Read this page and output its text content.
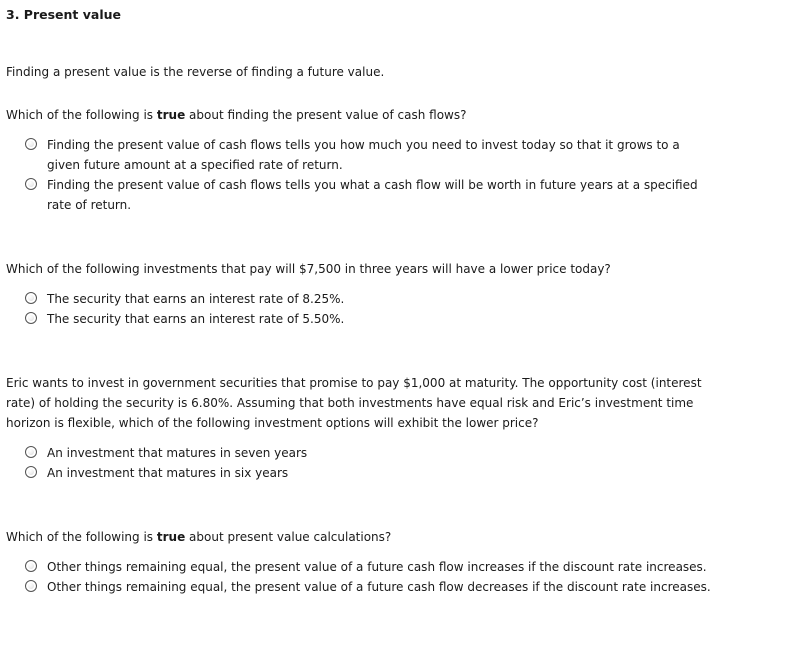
3. Present value
Finding a present value is the reverse of finding a future value.
Which of the following is true about finding the present value of cash flows?
Finding the present value of cash flows tells you how much you need to invest today so that it grows to a given future amount at a specified rate of return.
Finding the present value of cash flows tells you what a cash flow will be worth in future years at a specified rate of return.
Which of the following investments that pay will $7,500 in three years will have a lower price today?
The security that earns an interest rate of 8.25%.
The security that earns an interest rate of 5.50%.
Eric wants to invest in government securities that promise to pay $1,000 at maturity. The opportunity cost (interest rate) of holding the security is 6.80%. Assuming that both investments have equal risk and Eric’s investment time horizon is flexible, which of the following investment options will exhibit the lower price?
An investment that matures in seven years
An investment that matures in six years
Which of the following is true about present value calculations?
Other things remaining equal, the present value of a future cash flow increases if the discount rate increases.
Other things remaining equal, the present value of a future cash flow decreases if the discount rate increases.
